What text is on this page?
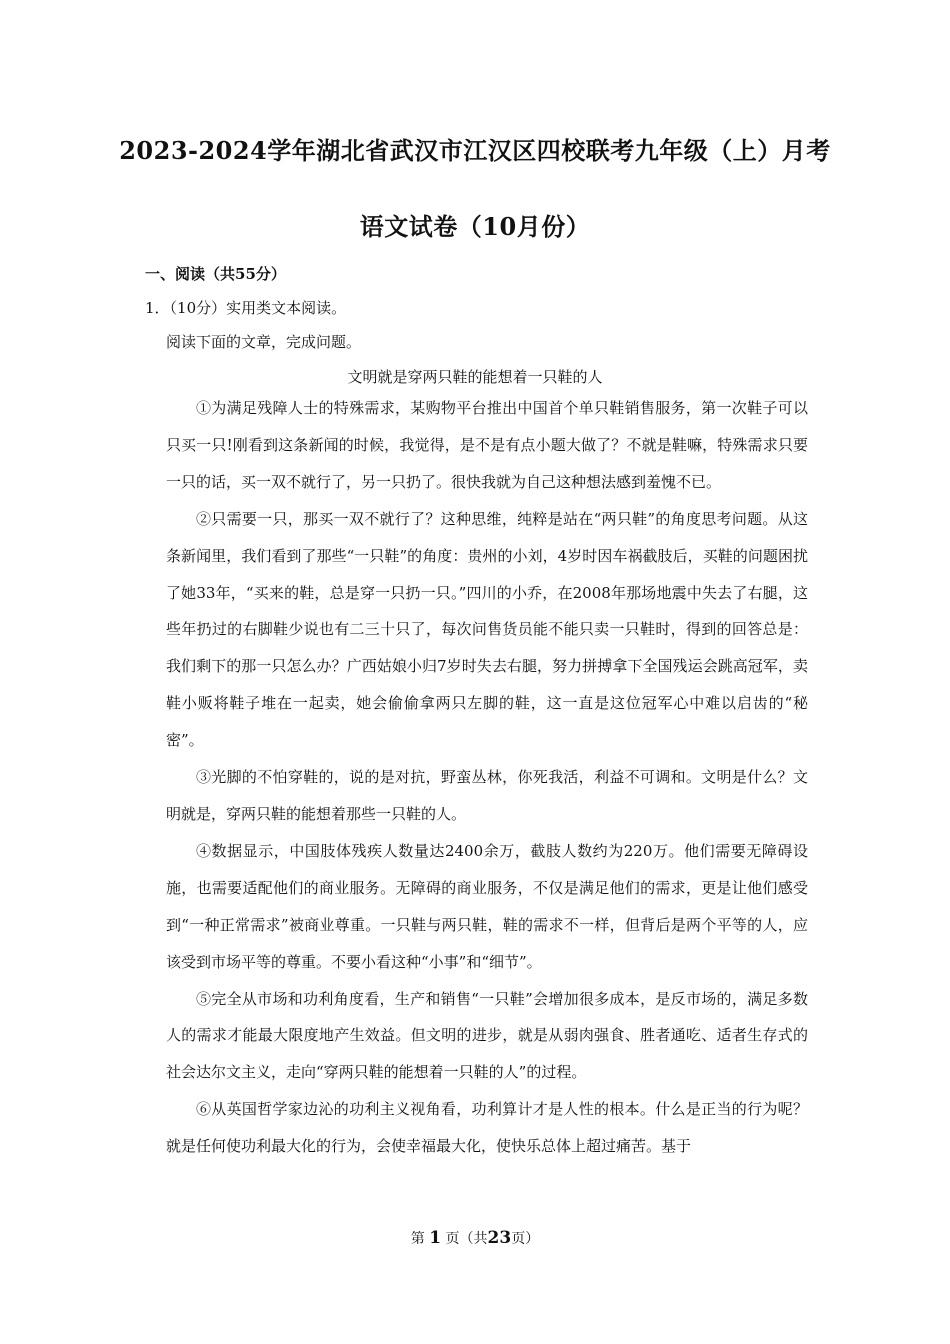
2023-2024学年湖北省武汉市江汉区四校联考九年级（上）月考
语文试卷（10月份）
一、阅读（共55分）
1．（10分）实用类文本阅读。
阅读下面的文章，完成问题。
文明就是穿两只鞋的能想着一只鞋的人

①为满足残障人士的特殊需求，某购物平台推出中国首个单只鞋销售服务，第一次鞋子可以只买一只!刚看到这条新闻的时候，我觉得，是不是有点小题大做了？不就是鞋嘛，特殊需求只要一只的话，买一双不就行了，另一只扔了。很快我就为自己这种想法感到羞愧不已。

②只需要一只，那买一双不就行了？这种思维，纯粹是站在“两只鞋”的角度思考问题。从这条新闻里，我们看到了那些“一只鞋”的角度：贵州的小刘，4岁时因车祸截肢后，买鞋的问题困扰了她33年，“买来的鞋，总是穿一只扔一只。”四川的小乔，在2008年那场地震中失去了右腿，这些年扔过的右脚鞋少说也有二三十只了，每次问售货员能不能只卖一只鞋时，得到的回答总是：我们剩下的那一只怎么办？广西姑娘小归7岁时失去右腿，努力拼搏拿下全国残运会跳高冠军，卖鞋小贩将鞋子堆在一起卖，她会偷偷拿两只左脚的鞋，这一直是这位冠军心中难以启齿的“秘密”。

③光脚的不怕穿鞋的，说的是对抗，野蛮丛林，你死我活，利益不可调和。文明是什么？文明就是，穿两只鞋的能想着那些一只鞋的人。

④数据显示，中国肢体残疾人数量达2400余万，截肢人数约为220万。他们需要无障碍设施，也需要适配他们的商业服务。无障碍的商业服务，不仅是满足他们的需求，更是让他们感受到“一种正常需求”被商业尊重。一只鞋与两只鞋，鞋的需求不一样，但背后是两个平等的人，应该受到市场平等的尊重。不要小看这种“小事”和“细节”。

⑤完全从市场和功利角度看，生产和销售“一只鞋”会增加很多成本，是反市场的，满足多数人的需求才能最大限度地产生效益。但文明的进步，就是从弱肉强食、胜者通吃、适者生存式的社会达尔文主义，走向“穿两只鞋的能想着一只鞋的人”的过程。

⑥从英国哲学家边沁的功利主义视角看，功利算计才是人性的根本。什么是正当的行为呢？就是任何使功利最大化的行为，会使幸福最大化，使快乐总体上超过痛苦。基于

第 1 页（共23页）
